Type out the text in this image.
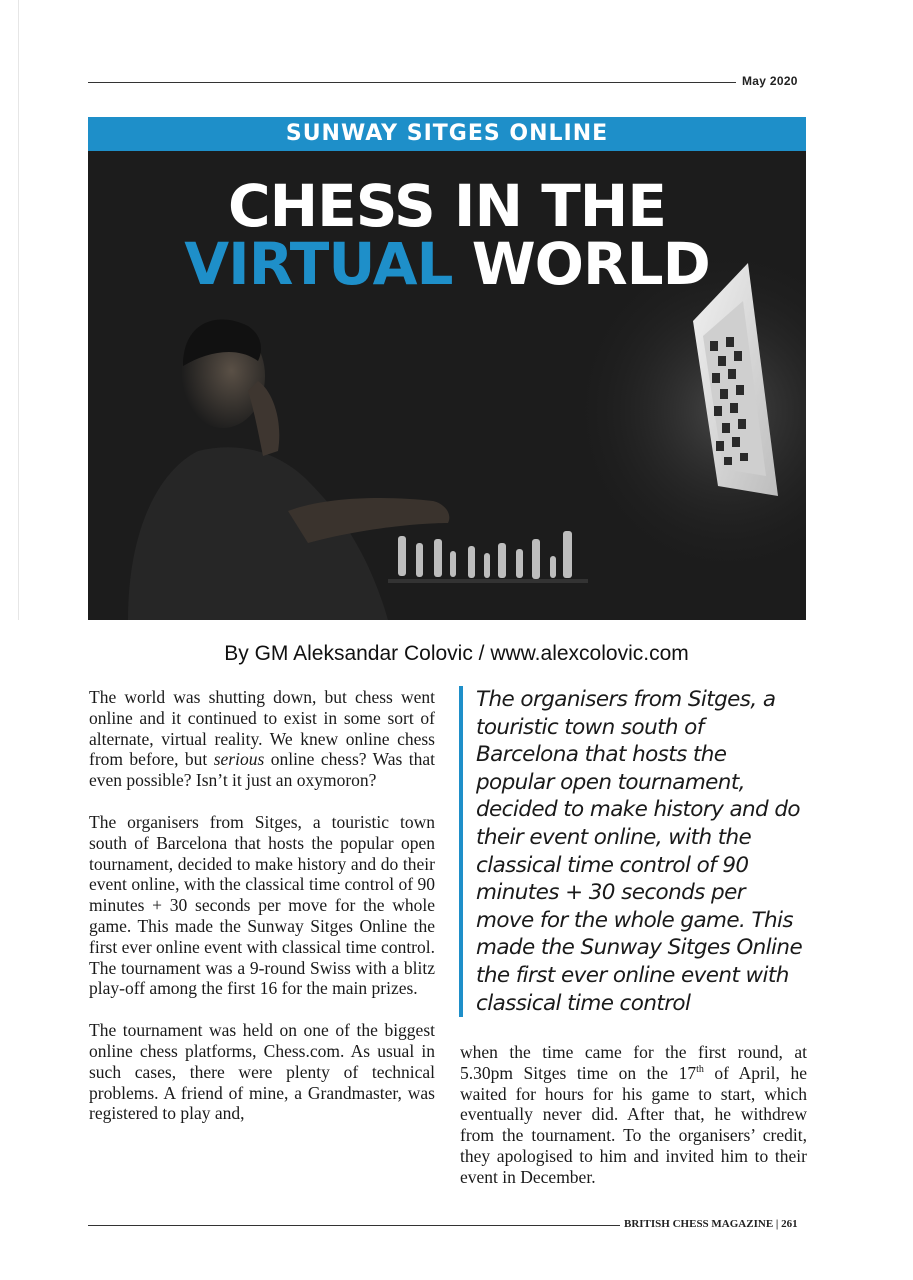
May 2020
SUNWAY SITGES ONLINE
CHESS IN THE
VIRTUAL WORLD
By GM Aleksandar Colovic / www.alexcolovic.com

The world was shutting down, but chess went online and it continued to exist in some sort of alternate, virtual reality. We knew online chess from before, but serious online chess? Was that even possible? Isn’t it just an oxymoron?

The organisers from Sitges, a touristic town south of Barcelona that hosts the popular open tournament, decided to make history and do their event online, with the classical time control of 90 minutes + 30 seconds per move for the whole game. This made the Sunway Sitges Online the first ever online event with classical time control. The tournament was a 9-round Swiss with a blitz play-off among the first 16 for the main prizes.

The tournament was held on one of the biggest online chess platforms, Chess.com. As usual in such cases, there were plenty of technical problems. A friend of mine, a Grandmaster, was registered to play and,

The organisers from Sitges, a touristic town south of Barcelona that hosts the popular open tournament, decided to make history and do their event online, with the classical time control of 90 minutes + 30 seconds per move for the whole game. This made the Sunway Sitges Online the first ever online event with classical time control

when the time came for the first round, at 5.30pm Sitges time on the 17th of April, he waited for hours for his game to start, which eventually never did. After that, he withdrew from the tournament. To the organisers’ credit, they apologised to him and invited him to their event in December.

BRITISH CHESS MAGAZINE | 261
